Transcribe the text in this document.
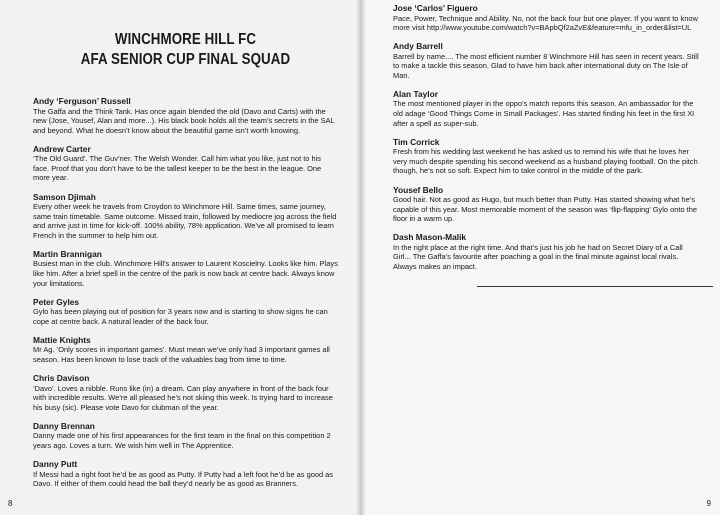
WINCHMORE HILL FC
AFA SENIOR CUP FINAL SQUAD
Andy ‘Ferguson’ Russell
The Gaffa and the Think Tank. Has once again blended the old (Davo and Carts) with the new (Jose, Yousef, Alan and more...). His black book holds all the team’s secrets in the SAL and beyond. What he doesn’t know about the beautiful game isn’t worth knowing.
Andrew Carter
‘The Old Guard’. The Guv’ner. The Welsh Wonder. Call him what you like, just not to his face. Proof that you don’t have to be the tallest keeper to be the best in the league. One more year.
Samson Djimah
Every other week he travels from Croydon to Winchmore Hill. Same times, same journey, same train timetable. Same outcome. Missed train, followed by mediocre jog across the field and arrive just in time for kick-off. 100% ability, 78% application. We’ve all promised to learn French in the summer to help him out.
Martin Brannigan
Busiest man in the club. Winchmore Hill’s answer to Laurent Koscielny. Looks like him. Plays like him. After a brief spell in the centre of the park is now back at centre back. Always know your limitations.
Peter Gyles
Gylo has been playing out of position for 3 years now and is starting to show signs he can cope at centre back. A natural leader of the back four.
Mattie Knights
Mr Ag. ‘Only scores in important games’. Must mean we’ve only had 3 important games all season. Has been known to lose track of the valuables bag from time to time.
Chris Davison
‘Davo’. Loves a nibble. Runs like (in) a dream. Can play anywhere in front of the back four with incredible results. We’re all pleased he’s not skiing this week. Is trying hard to increase his busy (sic). Please vote Davo for clubman of the year.
Danny Brennan
Danny made one of his first appearances for the first team in the final on this competition 2 years ago. Loves a turn. We wish him well in The Apprentice.
Danny Putt
If Messi had a right foot he’d be as good as Putty. If Putty had a left foot he’d be as good as Davo. If either of them could head the ball they’d nearly be as good as Branners.
8
Jose ‘Carlos’ Figuero
Pace, Power, Technique and Ability. No, not the back four but one player. If you want to know more visit http://www.youtube.com/watch?v=BApbQf2aZvE&feature=mfu_in_order&list=UL
Andy Barrell
Barrell by name.... The most efficient number 8 Winchmore Hill has seen in recent years. Still to make a tackle this season. Glad to have him back after international duty on The Isle of Man.
Alan Taylor
The most mentioned player in the oppo’s match reports this season. An ambassador for the old adage ‘Good Things Come in Small Packages’. Has started finding his feet in the first XI after a spell as super-sub.
Tim Corrick
Fresh from his wedding last weekend he has asked us to remind his wife that he loves her very much despite spending his second weekend as a husband playing football. On the pitch though, he’s not so soft. Expect him to take control in the middle of the park.
Yousef Bello
Good hair. Not as good as Hugo, but much better than Putty. Has started showing what he’s capable of this year. Most memorable moment of the season was ‘flip-flapping’ Gylo onto the floor in a warm up.
Dash Mason-Malik
In the right place at the right time. And that’s just his job he had on Secret Diary of a Call Girl... The Gaffa’s favourite after poaching a goal in the final minute against local rivals. Always makes an impact.
9
